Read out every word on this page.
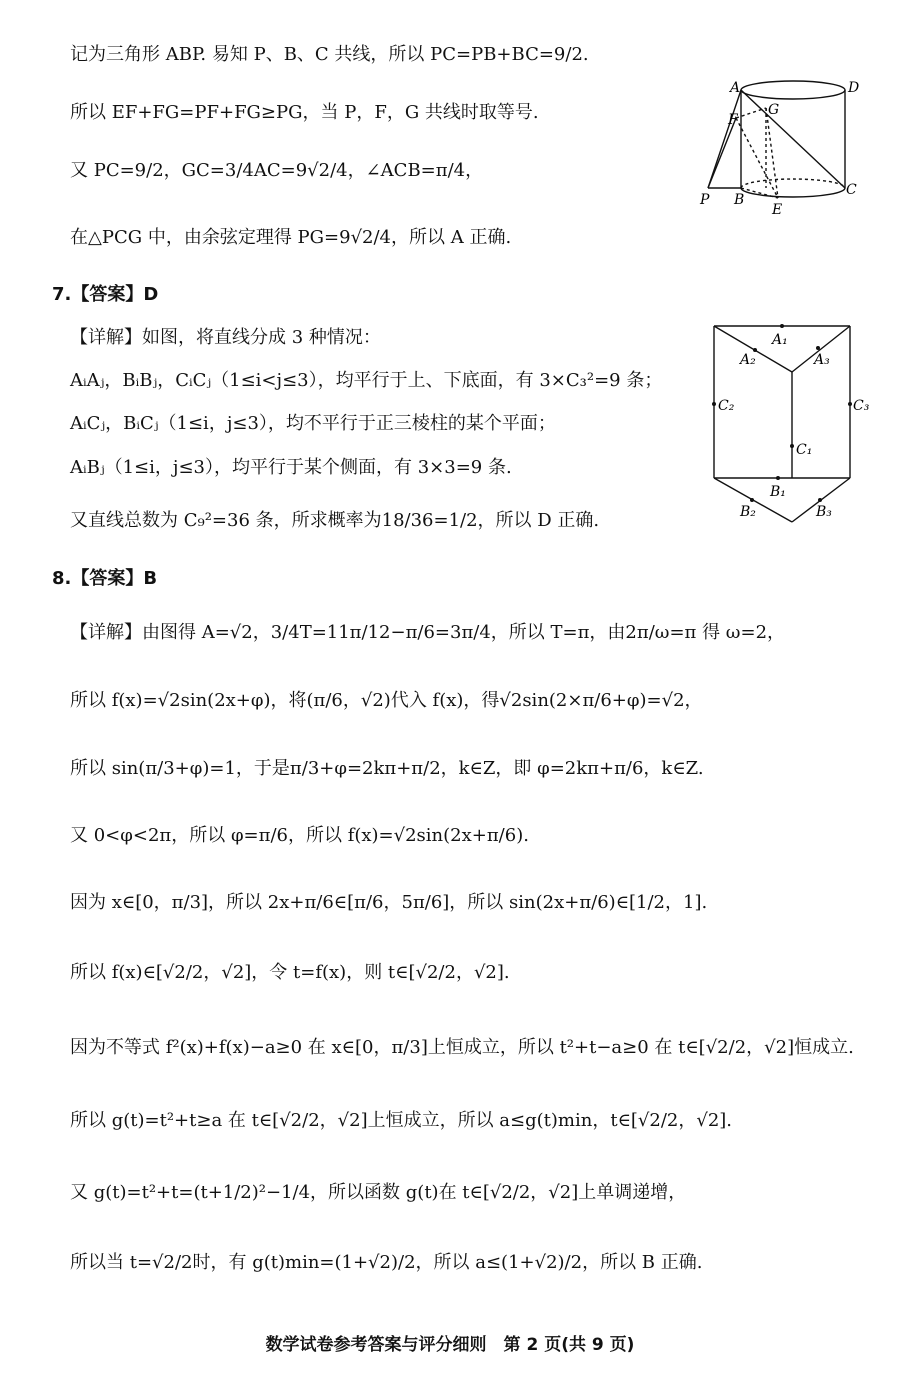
记为三角形 ABP. 易知 P、B、C 共线，所以 PC=PB+BC=9/2.
所以 EF+FG=PF+FG≥PG，当 P，F，G 共线时取等号.
又 PC=9/2，GC=3/4AC=9√2/4，∠ACB=π/4，
在△PCG 中，由余弦定理得 PG=9√2/4，所以 A 正确.
7.【答案】D
【详解】如图，将直线分成 3 种情况：
AᵢAⱼ，BᵢBⱼ，CᵢCⱼ（1≤i<j≤3），均平行于上、下底面，有 3×C₃²=9 条；
AᵢCⱼ，BᵢCⱼ（1≤i，j≤3），均不平行于正三棱柱的某个平面；
AᵢBⱼ（1≤i，j≤3），均平行于某个侧面，有 3×3=9 条.
又直线总数为 C₉²=36 条，所求概率为18/36=1/2，所以 D 正确.
8.【答案】B
【详解】由图得 A=√2，3/4T=11π/12−π/6=3π/4，所以 T=π，由2π/ω=π 得 ω=2，
所以 f(x)=√2sin(2x+φ)，将(π/6，√2)代入 f(x)，得√2sin(2×π/6+φ)=√2，
所以 sin(π/3+φ)=1，于是π/3+φ=2kπ+π/2，k∈Z，即 φ=2kπ+π/6，k∈Z.
又 0<φ<2π，所以 φ=π/6，所以 f(x)=√2sin(2x+π/6).
因为 x∈[0，π/3]，所以 2x+π/6∈[π/6，5π/6]，所以 sin(2x+π/6)∈[1/2，1].
所以 f(x)∈[√2/2，√2]，令 t=f(x)，则 t∈[√2/2，√2].
因为不等式 f²(x)+f(x)−a≥0 在 x∈[0，π/3]上恒成立，所以 t²+t−a≥0 在 t∈[√2/2，√2]恒成立.
所以 g(t)=t²+t≥a 在 t∈[√2/2，√2]上恒成立，所以 a≤g(t)min，t∈[√2/2，√2].
又 g(t)=t²+t=(t+1/2)²−1/4，所以函数 g(t)在 t∈[√2/2，√2]上单调递增，
所以当 t=√2/2时，有 g(t)min=(1+√2)/2，所以 a≤(1+√2)/2，所以 B 正确.
A	D
F
G
P B
E
C
A₁
A₂	A₃
C₂	C₃
C₁
B₁
B₂	B₃
数学试卷参考答案与评分细则　第 2 页(共 9 页)
